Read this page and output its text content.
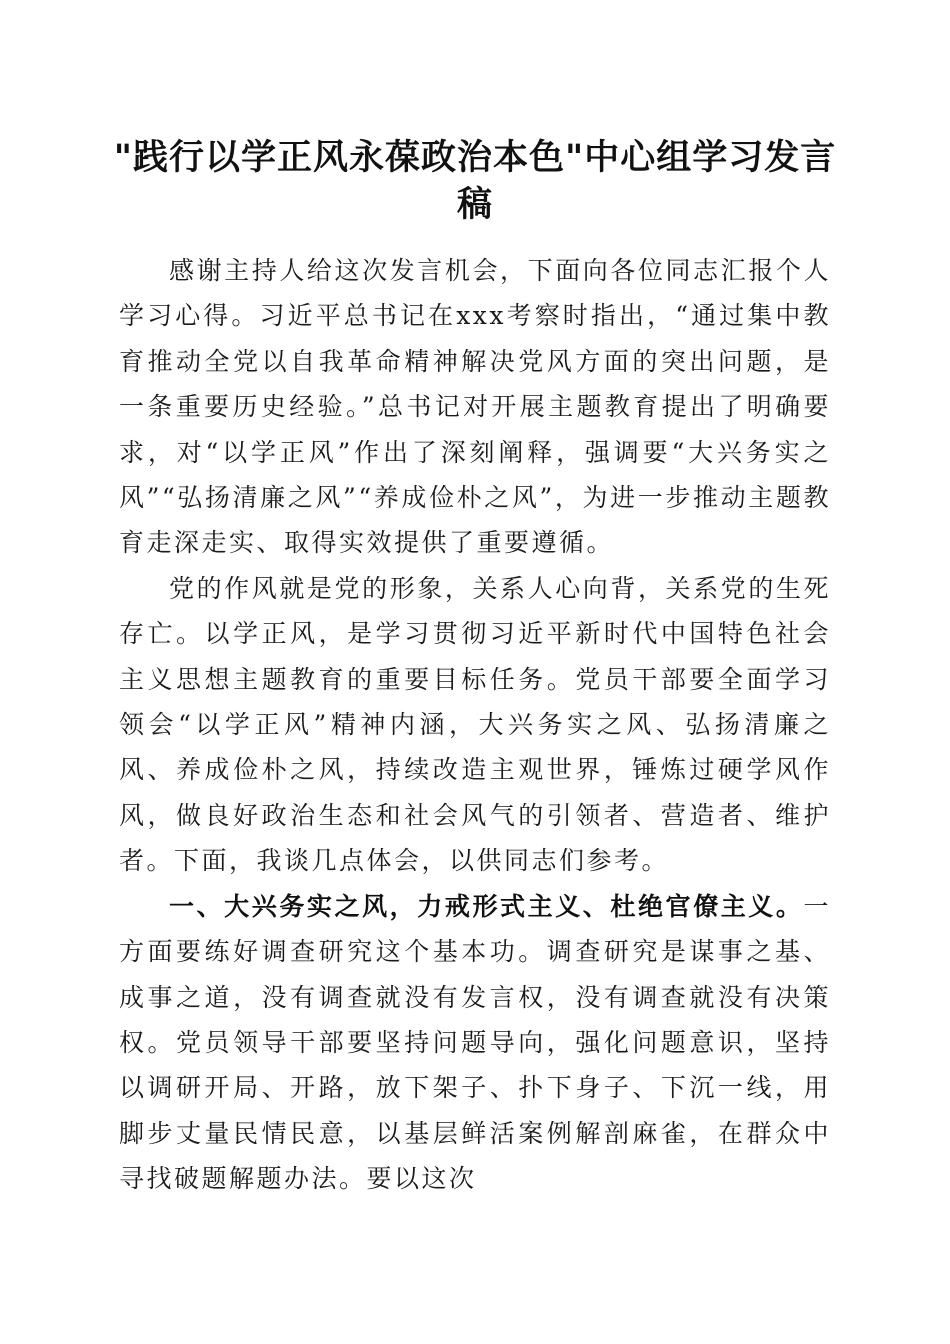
"践行以学正风永葆政治本色"中心组学习发言稿

感谢主持人给这次发言机会，下面向各位同志汇报个人学习心得。习近平总书记在xxx考察时指出，“通过集中教育推动全党以自我革命精神解决党风方面的突出问题，是一条重要历史经验。”总书记对开展主题教育提出了明确要求，对“以学正风”作出了深刻阐释，强调要“大兴务实之风”“弘扬清廉之风”“养成俭朴之风”，为进一步推动主题教育走深走实、取得实效提供了重要遵循。

党的作风就是党的形象，关系人心向背，关系党的生死存亡。以学正风，是学习贯彻习近平新时代中国特色社会主义思想主题教育的重要目标任务。党员干部要全面学习领会“以学正风”精神内涵，大兴务实之风、弘扬清廉之风、养成俭朴之风，持续改造主观世界，锤炼过硬学风作风，做良好政治生态和社会风气的引领者、营造者、维护者。下面，我谈几点体会，以供同志们参考。

一、大兴务实之风，力戒形式主义、杜绝官僚主义。一方面要练好调查研究这个基本功。调查研究是谋事之基、成事之道，没有调查就没有发言权，没有调查就没有决策权。党员领导干部要坚持问题导向，强化问题意识，坚持以调研开局、开路，放下架子、扑下身子、下沉一线，用脚步丈量民情民意，以基层鲜活案例解剖麻雀，在群众中寻找破题解题办法。要以这次
